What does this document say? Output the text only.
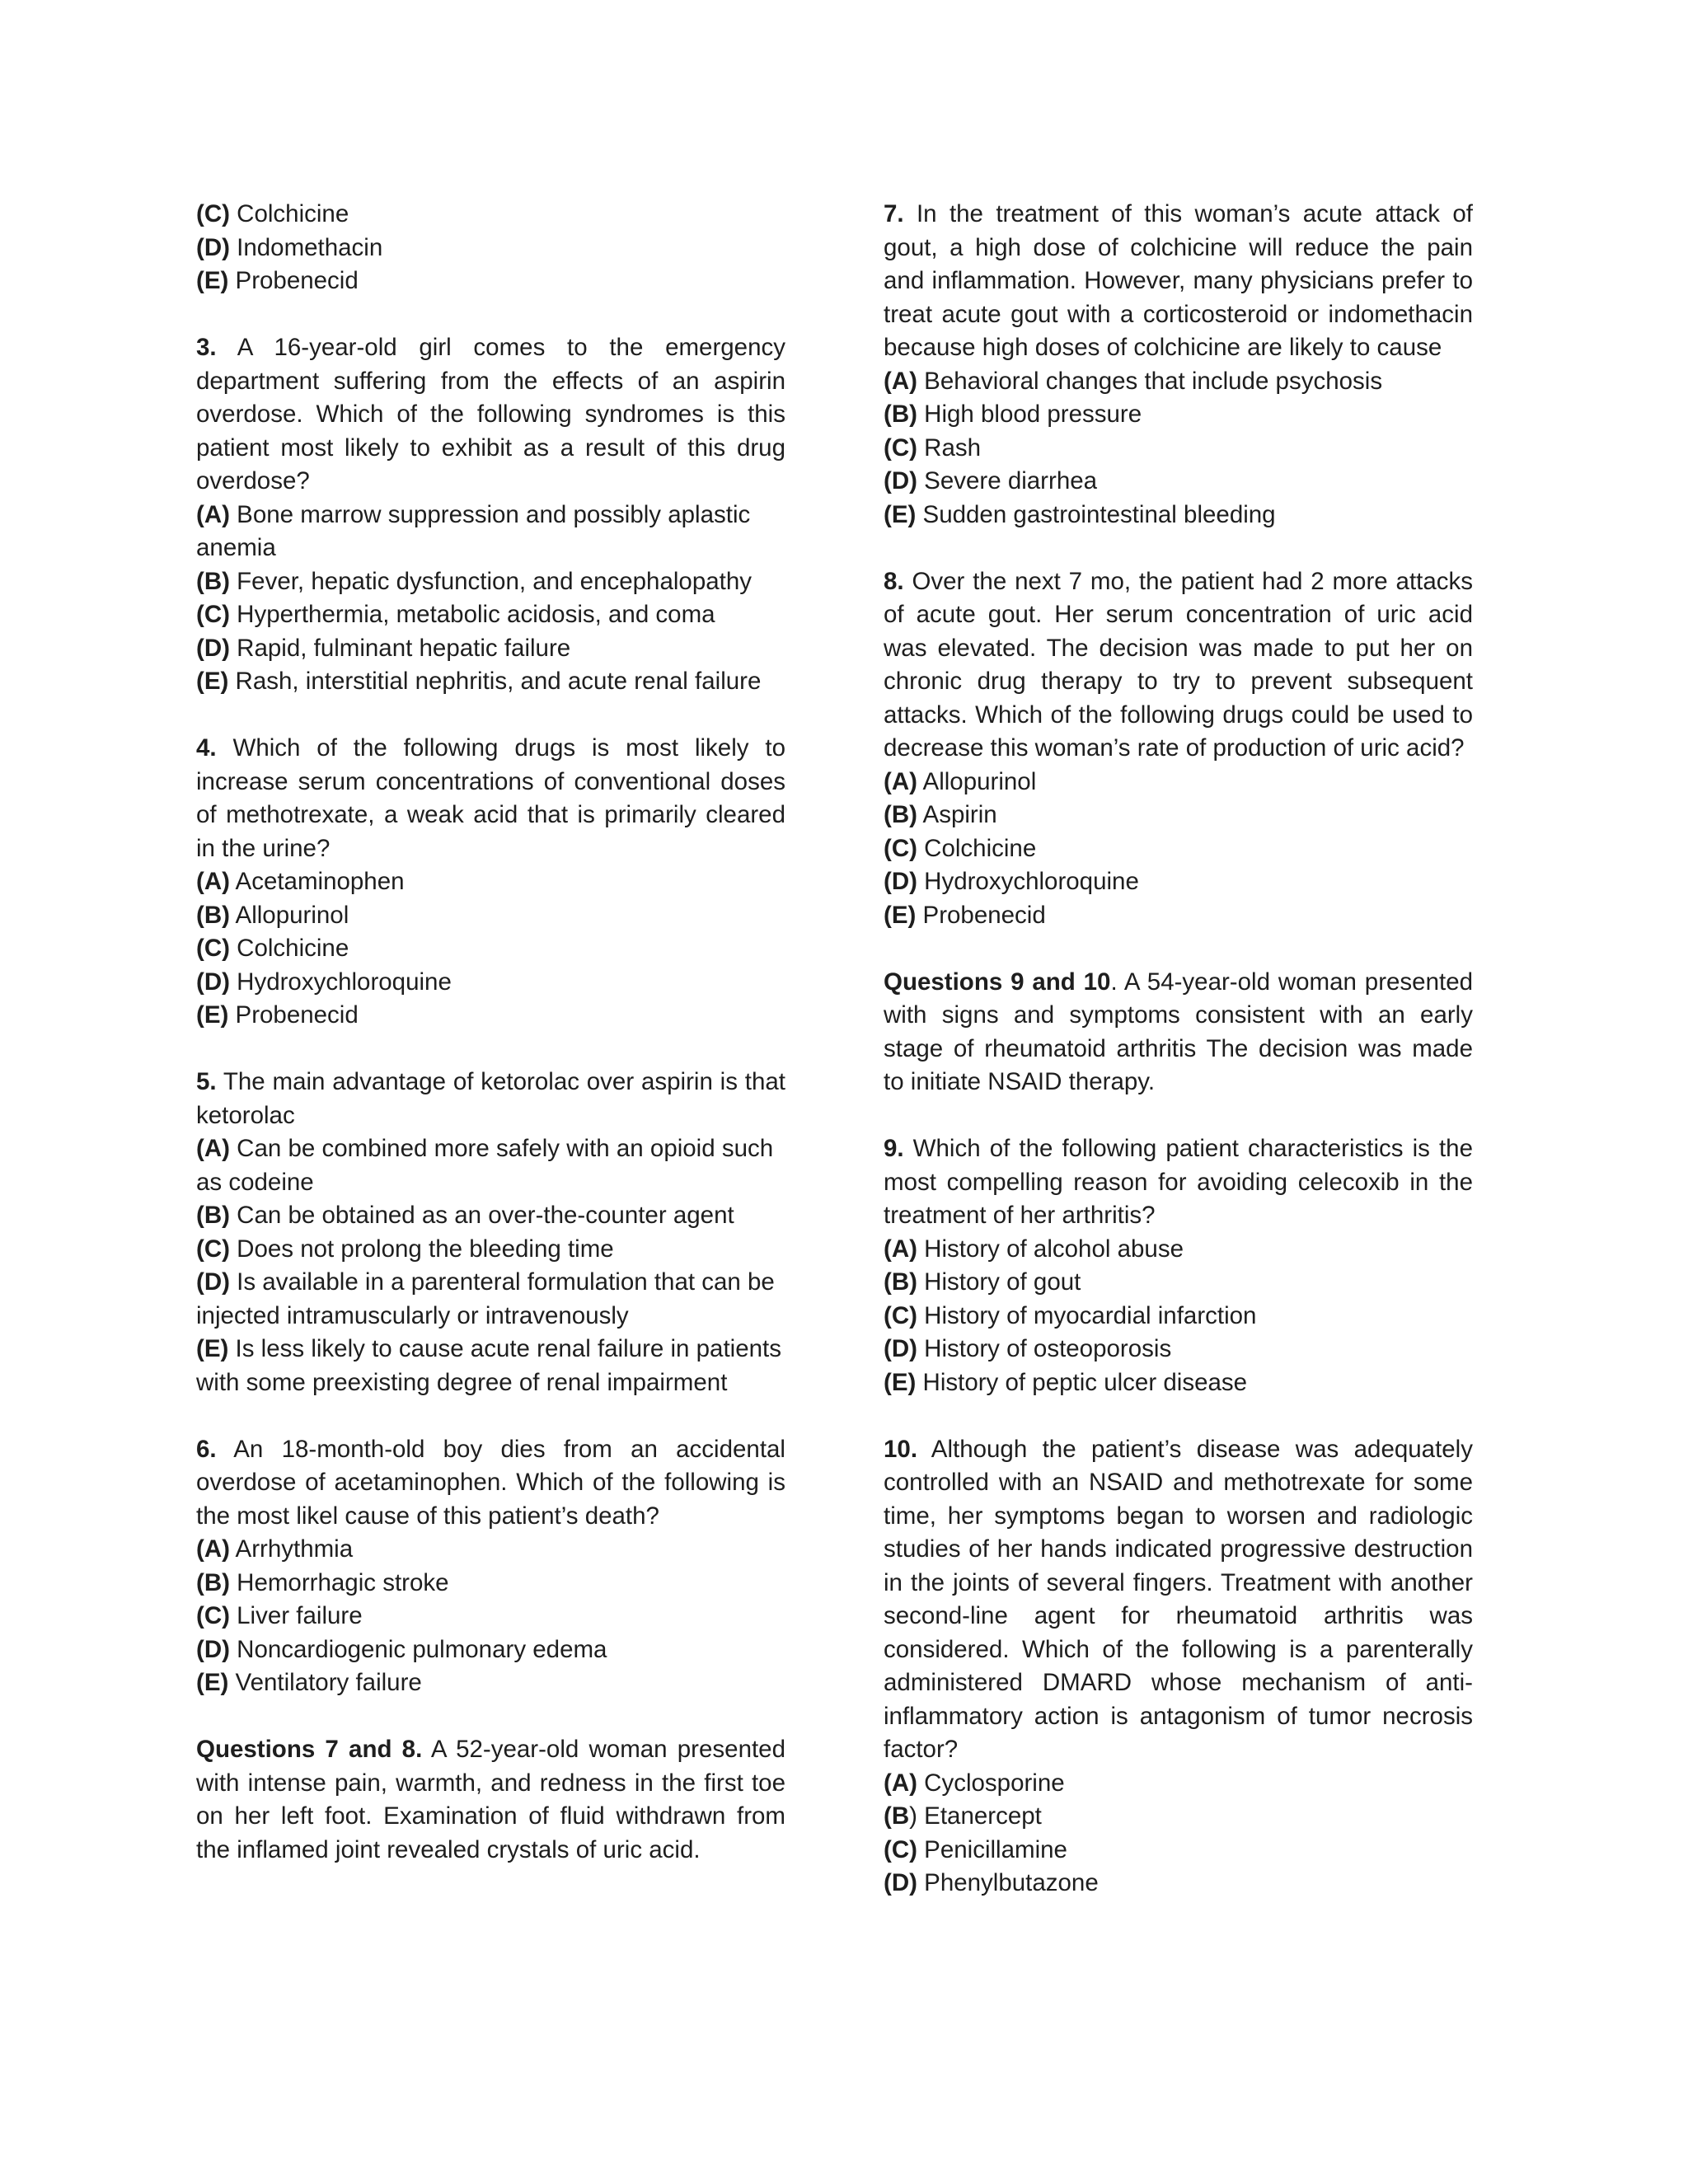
(C) Colchicine
(D) Indomethacin
(E) Probenecid
3. A 16-year-old girl comes to the emergency department suffering from the effects of an aspirin overdose. Which of the following syndromes is this patient most likely to exhibit as a result of this drug overdose?
(A) Bone marrow suppression and possibly aplastic anemia
(B) Fever, hepatic dysfunction, and encephalopathy
(C) Hyperthermia, metabolic acidosis, and coma
(D) Rapid, fulminant hepatic failure
(E) Rash, interstitial nephritis, and acute renal failure
4. Which of the following drugs is most likely to increase serum concentrations of conventional doses of methotrexate, a weak acid that is primarily cleared in the urine?
(A) Acetaminophen
(B) Allopurinol
(C) Colchicine
(D) Hydroxychloroquine
(E) Probenecid
5. The main advantage of ketorolac over aspirin is that ketorolac
(A) Can be combined more safely with an opioid such as codeine
(B) Can be obtained as an over-the-counter agent
(C) Does not prolong the bleeding time
(D) Is available in a parenteral formulation that can be injected intramuscularly or intravenously
(E) Is less likely to cause acute renal failure in patients with some preexisting degree of renal impairment
6. An 18-month-old boy dies from an accidental overdose of acetaminophen. Which of the following is the most likel cause of this patient’s death?
(A) Arrhythmia
(B) Hemorrhagic stroke
(C) Liver failure
(D) Noncardiogenic pulmonary edema
(E) Ventilatory failure
Questions 7 and 8. A 52-year-old woman presented with intense pain, warmth, and redness in the first toe on her left foot. Examination of fluid withdrawn from the inflamed joint revealed crystals of uric acid.
7. In the treatment of this woman’s acute attack of gout, a high dose of colchicine will reduce the pain and inflammation. However, many physicians prefer to treat acute gout with a corticosteroid or indomethacin because high doses of colchicine are likely to cause
(A) Behavioral changes that include psychosis
(B) High blood pressure
(C) Rash
(D) Severe diarrhea
(E) Sudden gastrointestinal bleeding
8. Over the next 7 mo, the patient had 2 more attacks of acute gout. Her serum concentration of uric acid was elevated. The decision was made to put her on chronic drug therapy to try to prevent subsequent attacks. Which of the following drugs could be used to decrease this woman’s rate of production of uric acid?
(A) Allopurinol
(B) Aspirin
(C) Colchicine
(D) Hydroxychloroquine
(E) Probenecid
Questions 9 and 10. A 54-year-old woman presented with signs and symptoms consistent with an early stage of rheumatoid arthritis The decision was made to initiate NSAID therapy.
9. Which of the following patient characteristics is the most compelling reason for avoiding celecoxib in the treatment of her arthritis?
(A) History of alcohol abuse
(B) History of gout
(C) History of myocardial infarction
(D) History of osteoporosis
(E) History of peptic ulcer disease
10. Although the patient’s disease was adequately controlled with an NSAID and methotrexate for some time, her symptoms began to worsen and radiologic studies of her hands indicated progressive destruction in the joints of several fingers. Treatment with another second-line agent for rheumatoid arthritis was considered. Which of the following is a parenterally administered DMARD whose mechanism of anti-inflammatory action is antagonism of tumor necrosis factor?
(A) Cyclosporine
(B) Etanercept
(C) Penicillamine
(D) Phenylbutazone
